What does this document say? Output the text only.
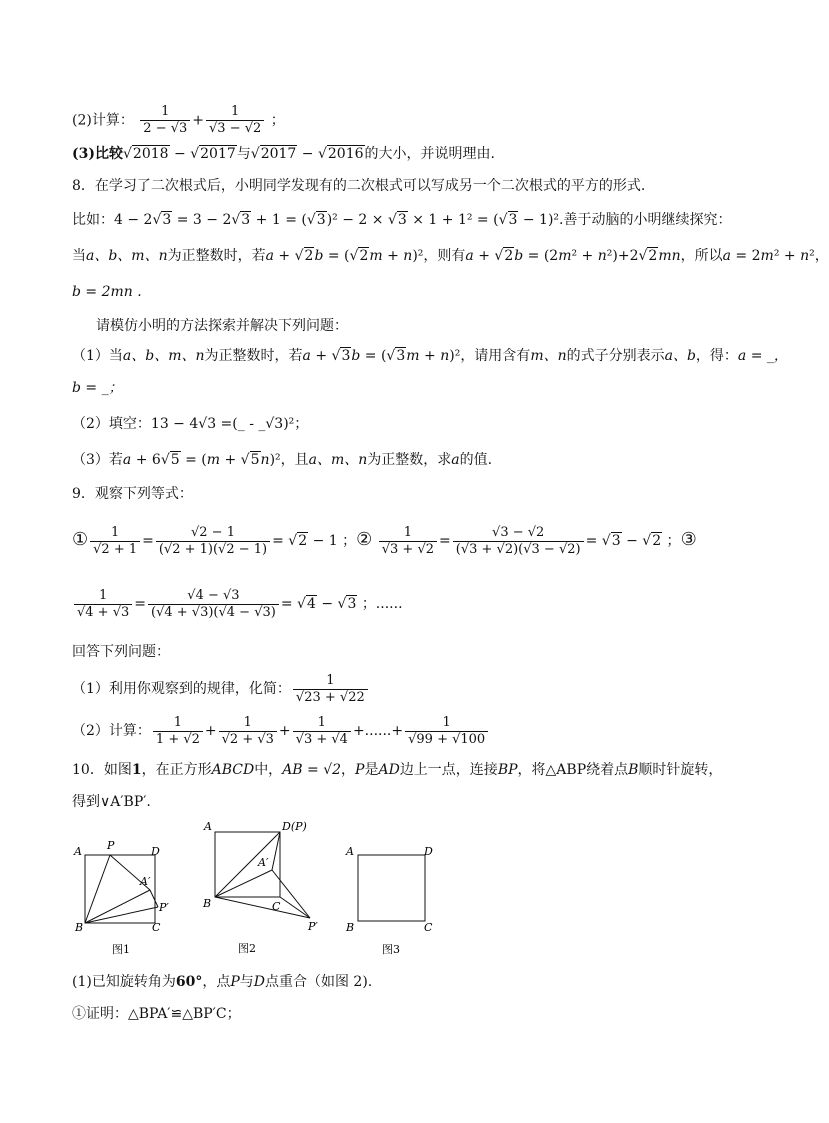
(2)计算： $\frac{1}{2 - √3} + \frac{1}{√3 - √2}$ ；
(3)比较√2018 − √2017与√2017 − √2016的大小，并说明理由.
8．在学习了二次根式后，小明同学发现有的二次根式可以写成另一个二次根式的平方的形式.
比如：4 − 2√3 = 3 − 2√3 + 1 = (√3)² − 2 × √3 × 1 + 1² = (√3 − 1)².善于动脑的小明继续探究：
当a、b、m、n为正整数时，若a + √2b = (√2m + n)²，则有a + √2b = (2m² + n²)+2√2mn，所以a = 2m² + n²，
b = 2mn .
请模仿小明的方法探索并解决下列问题：
（1）当a、b、m、n为正整数时，若a + √3b = (√3m + n)²，请用含有m、n的式子分别表示a、b，得：a = _，
b = _；
（2）填空：13 − 4√3 =(_ - _√3)²；
（3）若a + 6√5 = (m + √5n)²，且a、m、n为正整数，求a的值.
9．观察下列等式：
① $\frac{1}{√2 + 1} = \frac{√2 - 1}{(√2 + 1)(√2 - 1)} = √2 - 1$ ；② $\frac{1}{√3 + √2} = \frac{√3 - √2}{(√3 + √2)(√3 - √2)} = √3 - √2$ ；③
$\frac{1}{√4 + √3} = \frac{√4 - √3}{(√4 + √3)(√4 - √3)} = √4 - √3$ ；......
回答下列问题：
（1）利用你观察到的规律，化简： $\frac{1}{√23 + √22}$
（2）计算： $\frac{1}{1 + √2} + \frac{1}{√2 + √3} + \frac{1}{√3 + √4}$ +......+ $\frac{1}{√99 + √100}$
10．如图1，在正方形ABCD中，AB = √2，P是AD边上一点，连接BP，将△ABP绕着点B顺时针旋转，
得到∨A′BP′.
A P	D
A′
P′
B	C
图1
A	D(P)
A′
B	C
P′
图2
A	D
B	C
图3
(1)已知旋转角为60°，点P与D点重合（如图 2).
①证明：△BPA′≌△BP′C；
